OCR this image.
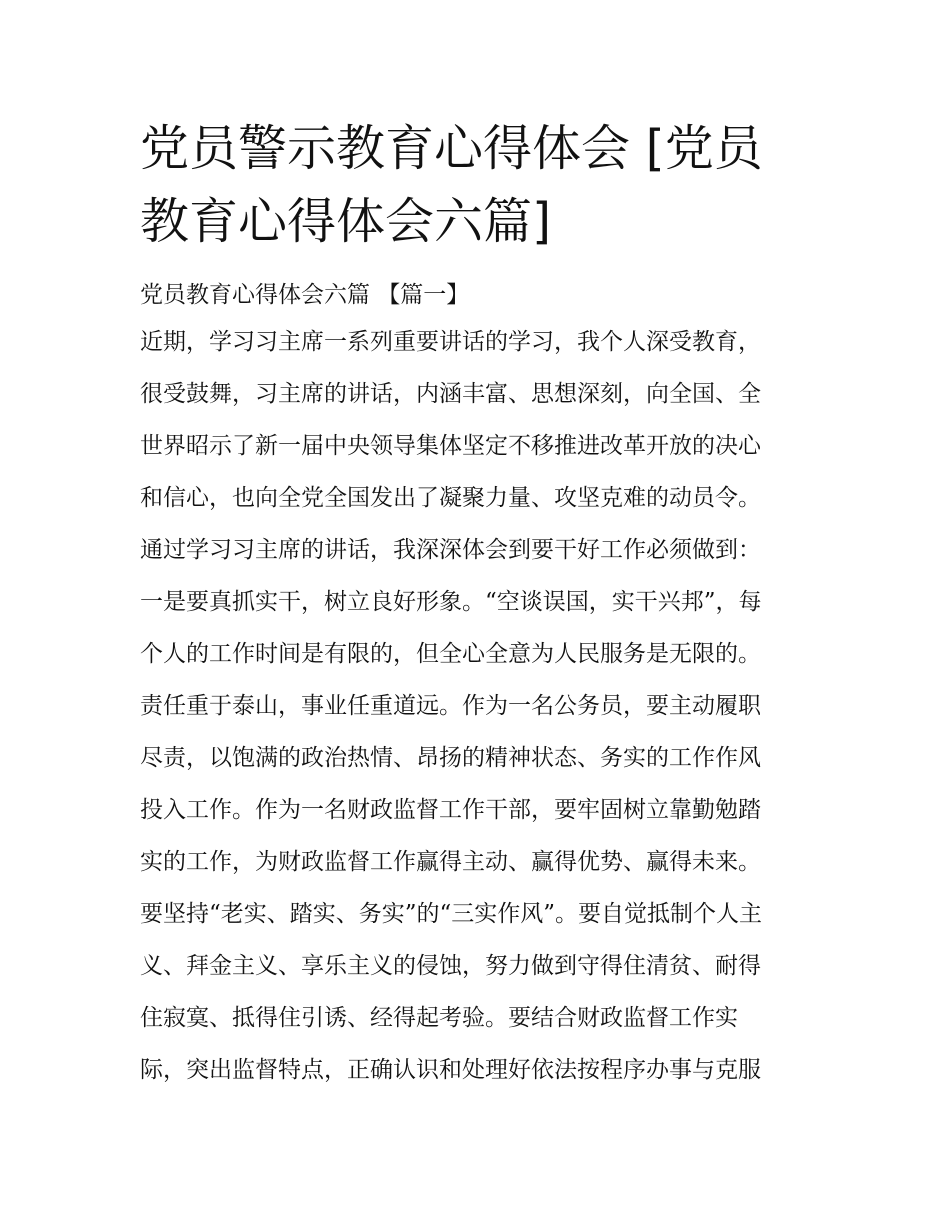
党员警示教育心得体会 [党员
教育心得体会六篇]
党员教育心得体会六篇 【篇一】
近期，学习习主席一系列重要讲话的学习，我个人深受教育，
很受鼓舞，习主席的讲话，内涵丰富、思想深刻，向全国、全
世界昭示了新一届中央领导集体坚定不移推进改革开放的决心
和信心，也向全党全国发出了凝聚力量、攻坚克难的动员令。
通过学习习主席的讲话，我深深体会到要干好工作必须做到：
一是要真抓实干，树立良好形象。“空谈误国，实干兴邦”，每
个人的工作时间是有限的，但全心全意为人民服务是无限的。
责任重于泰山，事业任重道远。作为一名公务员，要主动履职
尽责，以饱满的政治热情、昂扬的精神状态、务实的工作作风
投入工作。作为一名财政监督工作干部，要牢固树立靠勤勉踏
实的工作，为财政监督工作赢得主动、赢得优势、赢得未来。
要坚持“老实、踏实、务实”的“三实作风”。要自觉抵制个人主
义、拜金主义、享乐主义的侵蚀，努力做到守得住清贫、耐得
住寂寞、抵得住引诱、经得起考验。要结合财政监督工作实
际，突出监督特点，正确认识和处理好依法按程序办事与克服
